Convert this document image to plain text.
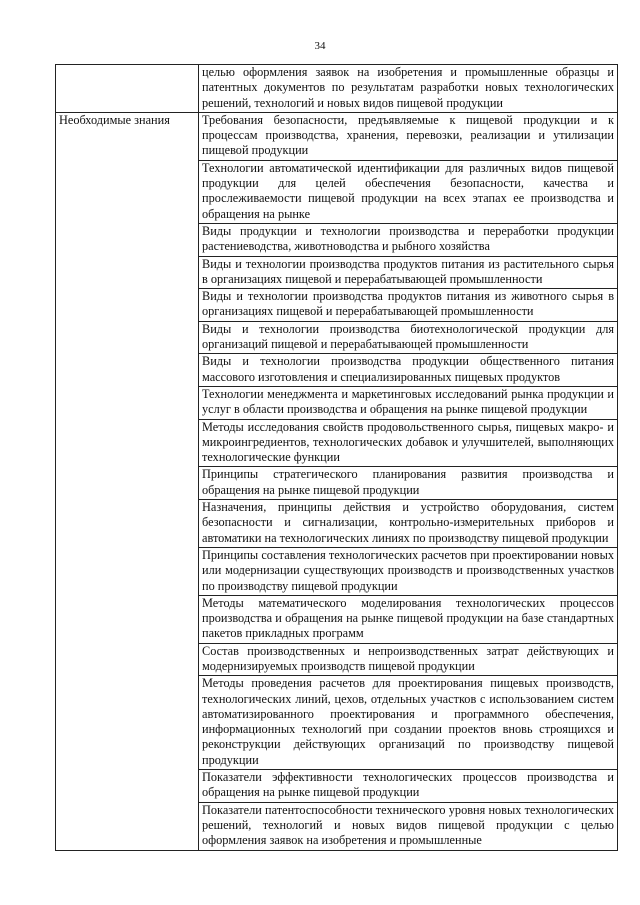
34

	целью оформления заявок на изобретения и промышленные образцы и патентных документов по результатам разработки новых технологических решений, технологий и новых видов пищевой продукции

Необходимые знания	Требования безопасности, предъявляемые к пищевой продукции и к процессам производства, хранения, перевозки, реализации и утилизации пищевой продукции

	Технологии автоматической идентификации для различных видов пищевой продукции для целей обеспечения безопасности, качества и прослеживаемости пищевой продукции на всех этапах ее производства и обращения на рынке

	Виды продукции и технологии производства и переработки продукции растениеводства, животноводства и рыбного хозяйства

	Виды и технологии производства продуктов питания из растительного сырья в организациях пищевой и перерабатывающей промышленности

	Виды и технологии производства продуктов питания из животного сырья в организациях пищевой и перерабатывающей промышленности

	Виды и технологии производства биотехнологической продукции для организаций пищевой и перерабатывающей промышленности

	Виды и технологии производства продукции общественного питания массового изготовления и специализированных пищевых продуктов

	Технологии менеджмента и маркетинговых исследований рынка продукции и услуг в области производства и обращения на рынке пищевой продукции

	Методы исследования свойств продовольственного сырья, пищевых макро- и микроингредиентов, технологических добавок и улучшителей, выполняющих технологические функции

	Принципы стратегического планирования развития производства и обращения на рынке пищевой продукции

	Назначения, принципы действия и устройство оборудования, систем безопасности и сигнализации, контрольно-измерительных приборов и автоматики на технологических линиях по производству пищевой продукции

	Принципы составления технологических расчетов при проектировании новых или модернизации существующих производств и производственных участков по производству пищевой продукции

	Методы математического моделирования технологических процессов производства и обращения на рынке пищевой продукции на базе стандартных пакетов прикладных программ

	Состав производственных и непроизводственных затрат действующих и модернизируемых производств пищевой продукции

	Методы проведения расчетов для проектирования пищевых производств, технологических линий, цехов, отдельных участков с использованием систем автоматизированного проектирования и программного обеспечения, информационных технологий при создании проектов вновь строящихся и реконструкции действующих организаций по производству пищевой продукции

	Показатели эффективности технологических процессов производства и обращения на рынке пищевой продукции

	Показатели патентоспособности технического уровня новых технологических решений, технологий и новых видов пищевой продукции с целью оформления заявок на изобретения и промышленные
